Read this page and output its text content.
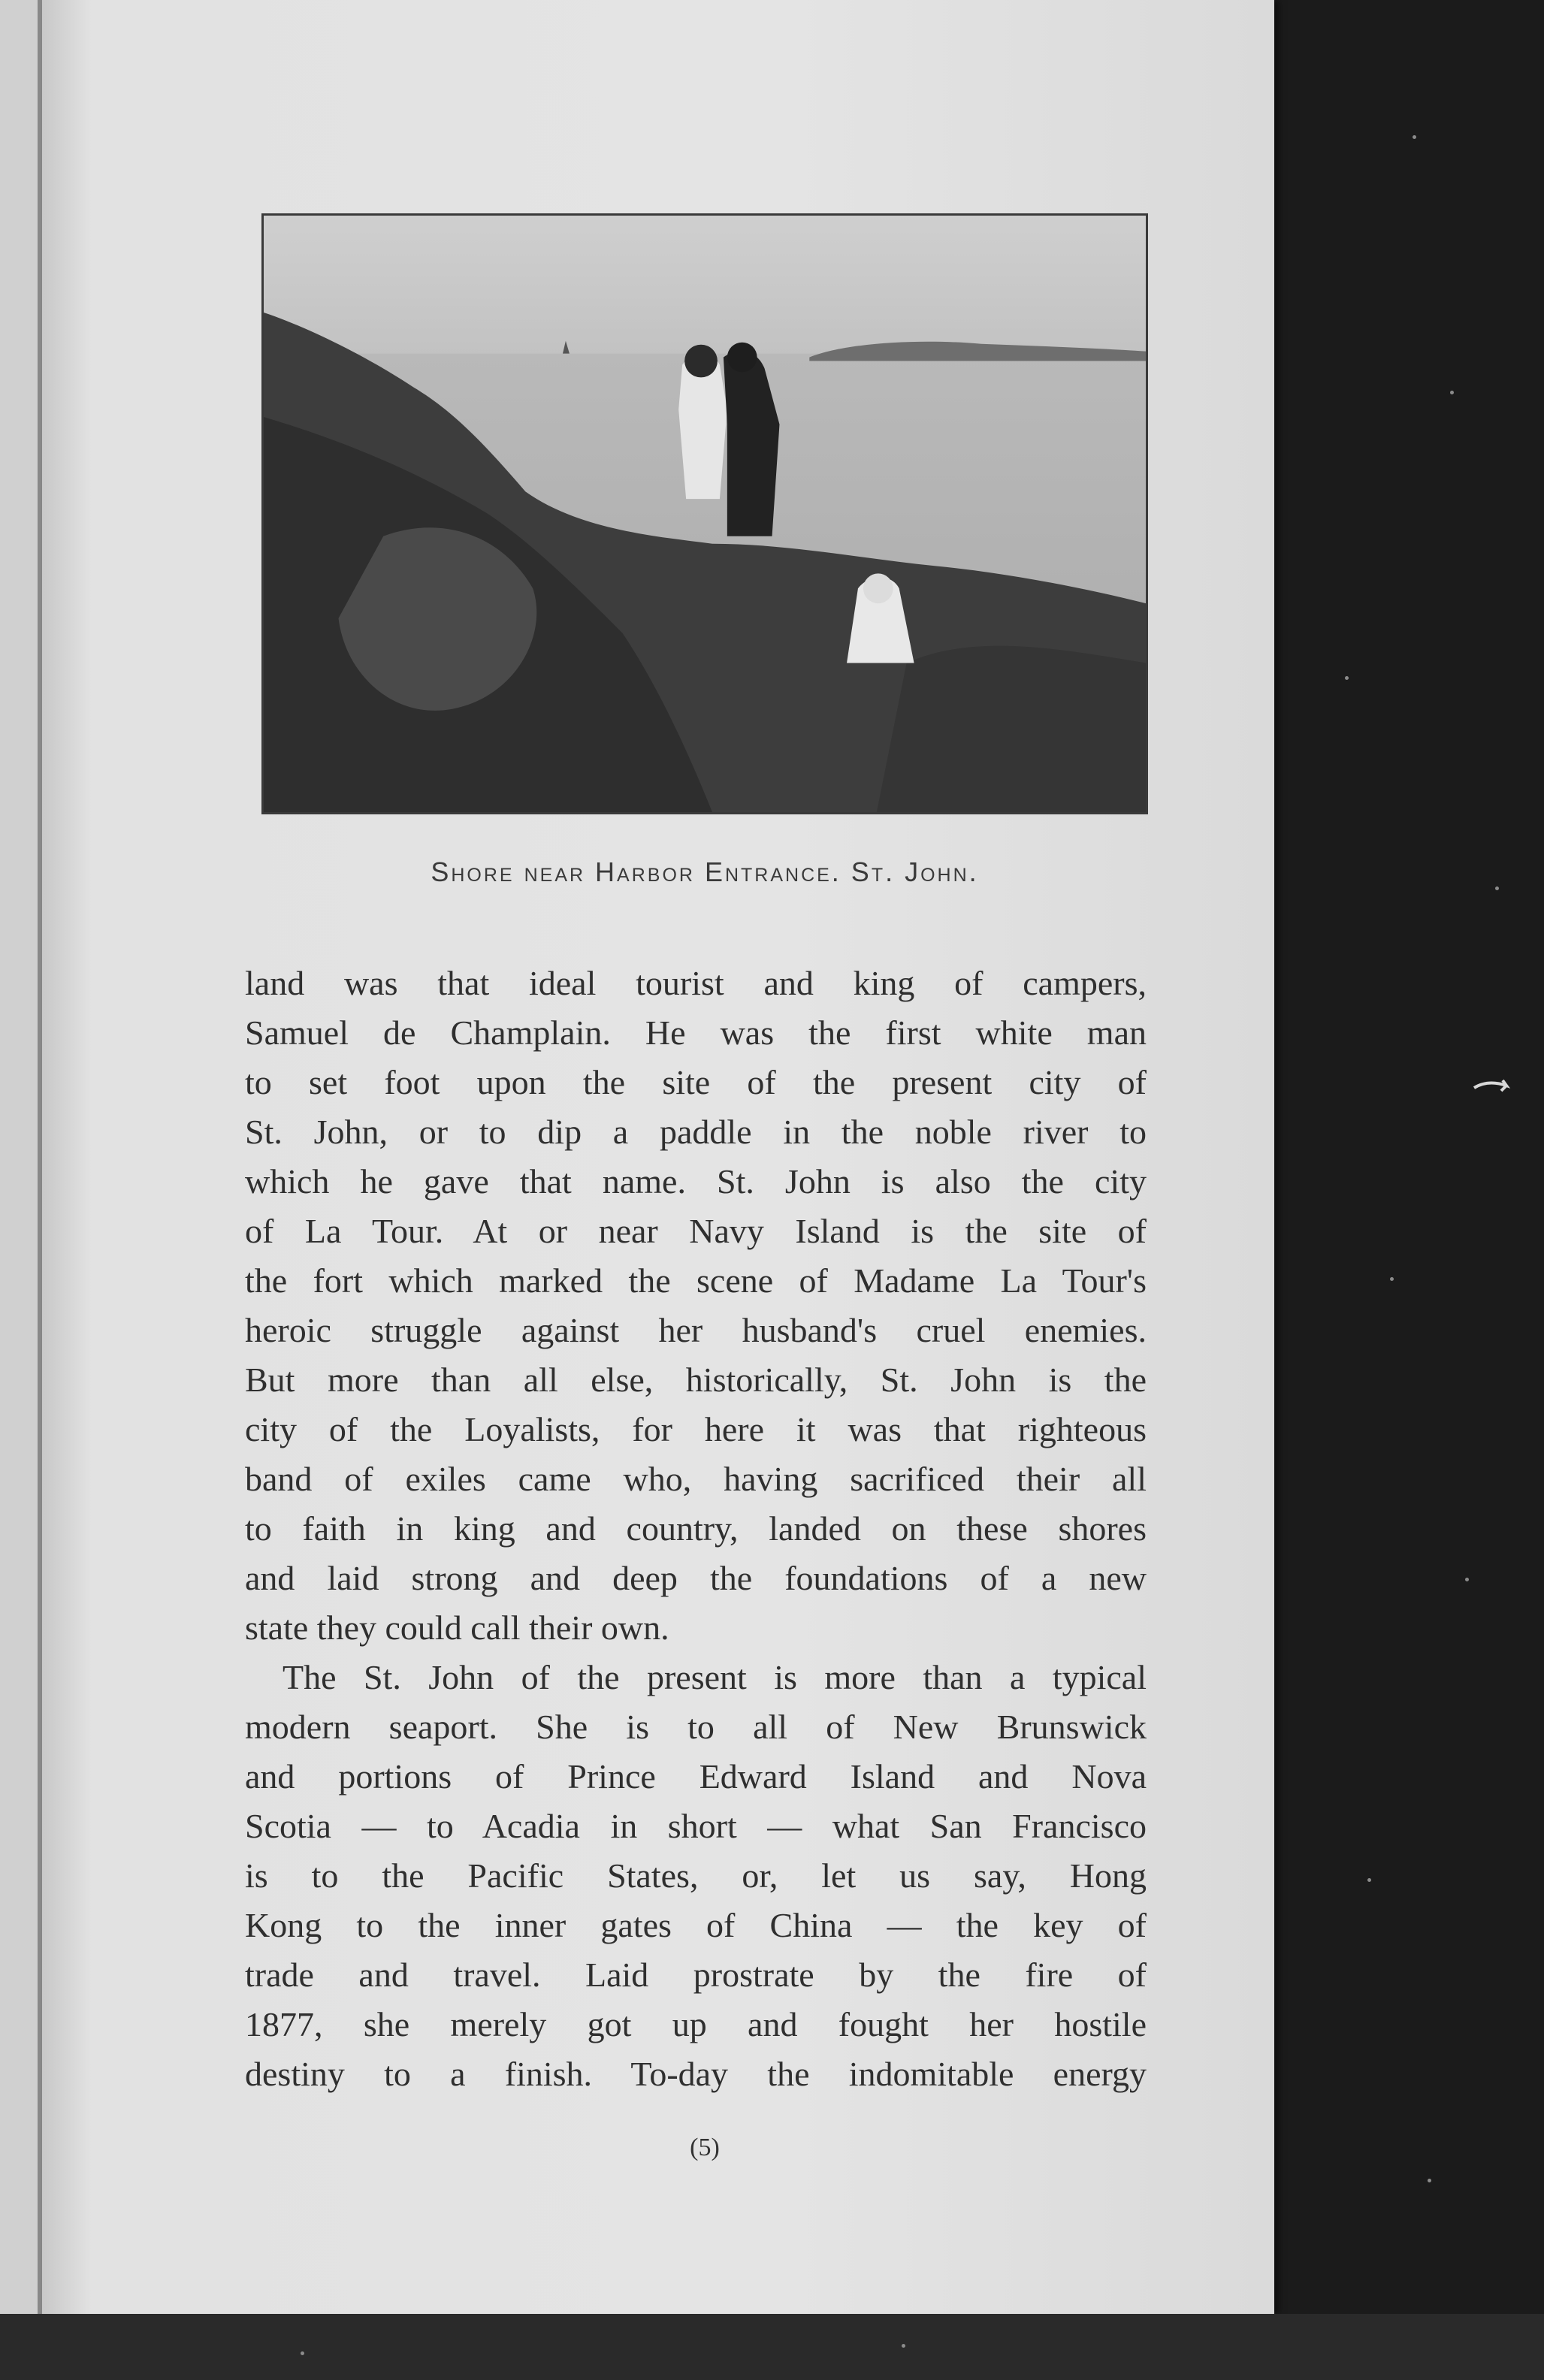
Shore near Harbor Entrance. St. John.
land was that ideal tourist and king of campers,
Samuel de Champlain. He was the first white man
to set foot upon the site of the present city of
St. John, or to dip a paddle in the noble river to
which he gave that name. St. John is also the city
of La Tour. At or near Navy Island is the site of
the fort which marked the scene of Madame La Tour's
heroic struggle against her husband's cruel enemies.
But more than all else, historically, St. John is the
city of the Loyalists, for here it was that righteous
band of exiles came who, having sacrificed their all
to faith in king and country, landed on these shores
and laid strong and deep the foundations of a new
state they could call their own.
The St. John of the present is more than a typical
modern seaport. She is to all of New Brunswick
and portions of Prince Edward Island and Nova
Scotia — to Acadia in short — what San Francisco
is to the Pacific States, or, let us say, Hong
Kong to the inner gates of China — the key of
trade and travel. Laid prostrate by the fire of
1877, she merely got up and fought her hostile
destiny to a finish. To-day the indomitable energy
(5)
